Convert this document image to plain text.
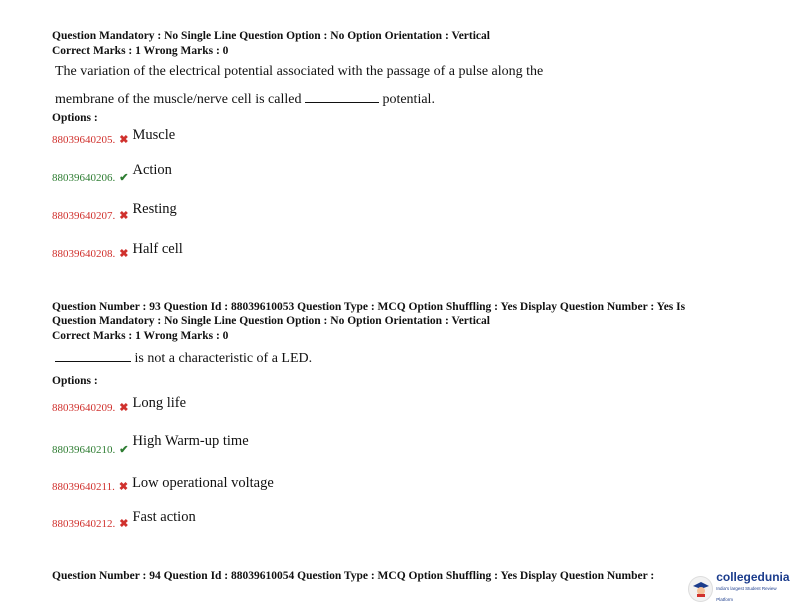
Question Mandatory : No Single Line Question Option : No Option Orientation : Vertical
Correct Marks : 1 Wrong Marks : 0
The variation of the electrical potential associated with the passage of a pulse along the
membrane of the muscle/nerve cell is called	potential.
Options :
88039640205. ✖ Muscle
88039640206. ✔ Action
88039640207. ✖ Resting
88039640208. ✖ Half cell
Question Number : 93 Question Id : 88039610053 Question Type : MCQ Option Shuffling : Yes Display Question Number : Yes Is
Question Mandatory : No Single Line Question Option : No Option Orientation : Vertical
Correct Marks : 1 Wrong Marks : 0
is not a characteristic of a LED.
Options :
88039640209. ✖ Long life
88039640210. ✔ High Warm-up time
88039640211. ✖ Low operational voltage
88039640212. ✖ Fast action
Question Number : 94 Question Id : 88039610054 Question Type : MCQ Option Shuffling : Yes Display Question Number :	collegedunia
India's largest Student Review Platform
